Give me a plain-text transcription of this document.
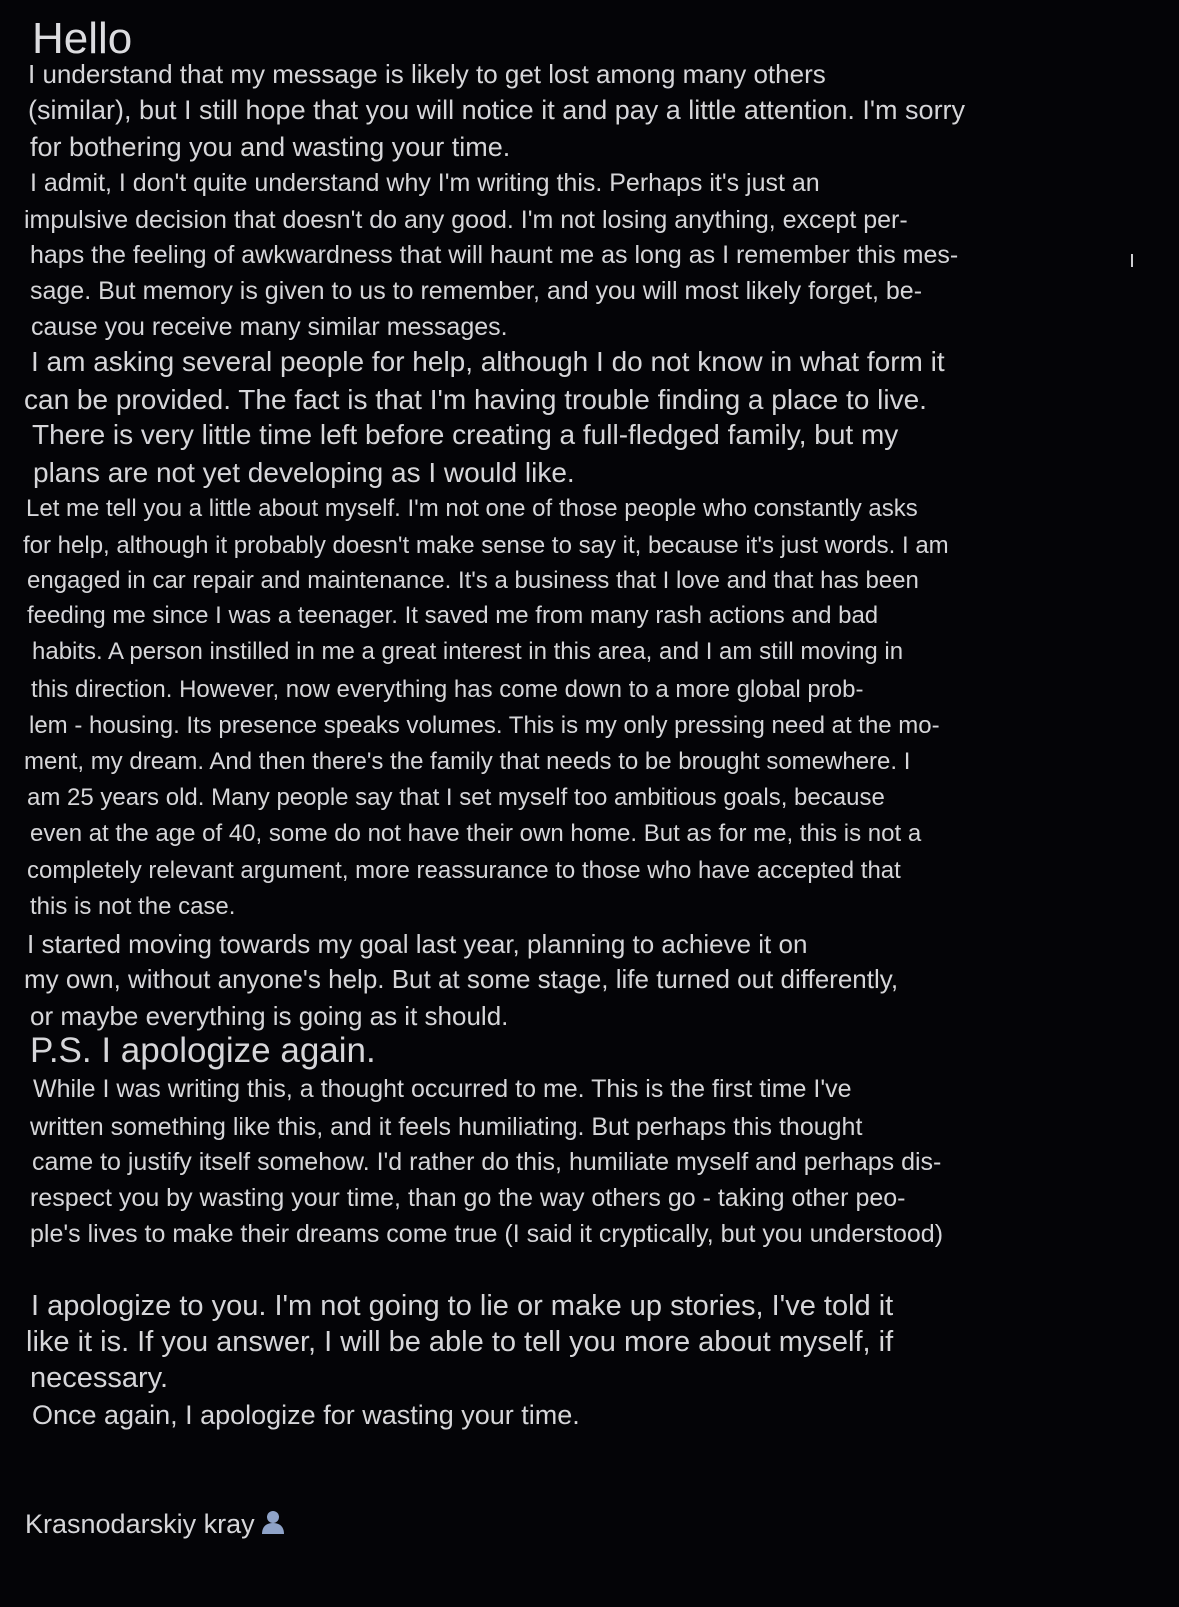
Hello
I understand that my message is likely to get lost among many others
(similar), but I still hope that you will notice it and pay a little attention. I'm sorry
for bothering you and wasting your time.
I admit, I don't quite understand why I'm writing this. Perhaps it's just an
impulsive decision that doesn't do any good. I'm not losing anything, except per-
haps the feeling of awkwardness that will haunt me as long as I remember this mes-
sage. But memory is given to us to remember, and you will most likely forget, be-
cause you receive many similar messages.
I am asking several people for help, although I do not know in what form it
can be provided. The fact is that I'm having trouble finding a place to live.
There is very little time left before creating a full-fledged family, but my
plans are not yet developing as I would like.
Let me tell you a little about myself. I'm not one of those people who constantly asks
for help, although it probably doesn't make sense to say it, because it's just words. I am
engaged in car repair and maintenance. It's a business that I love and that has been
feeding me since I was a teenager. It saved me from many rash actions and bad
habits. A person instilled in me a great interest in this area, and I am still moving in
this direction. However, now everything has come down to a more global prob-
lem - housing. Its presence speaks volumes. This is my only pressing need at the mo-
ment, my dream. And then there's the family that needs to be brought somewhere. I
am 25 years old. Many people say that I set myself too ambitious goals, because
even at the age of 40, some do not have their own home. But as for me, this is not a
completely relevant argument, more reassurance to those who have accepted that
this is not the case.
I started moving towards my goal last year, planning to achieve it on
my own, without anyone's help. But at some stage, life turned out differently,
or maybe everything is going as it should.
P.S. I apologize again.
While I was writing this, a thought occurred to me. This is the first time I've
written something like this, and it feels humiliating. But perhaps this thought
came to justify itself somehow. I'd rather do this, humiliate myself and perhaps dis-
respect you by wasting your time, than go the way others go - taking other peo-
ple's lives to make their dreams come true (I said it cryptically, but you understood)
I apologize to you. I'm not going to lie or make up stories, I've told it
like it is. If you answer, I will be able to tell you more about myself, if
necessary.
Once again, I apologize for wasting your time.
Krasnodarskiy kray
